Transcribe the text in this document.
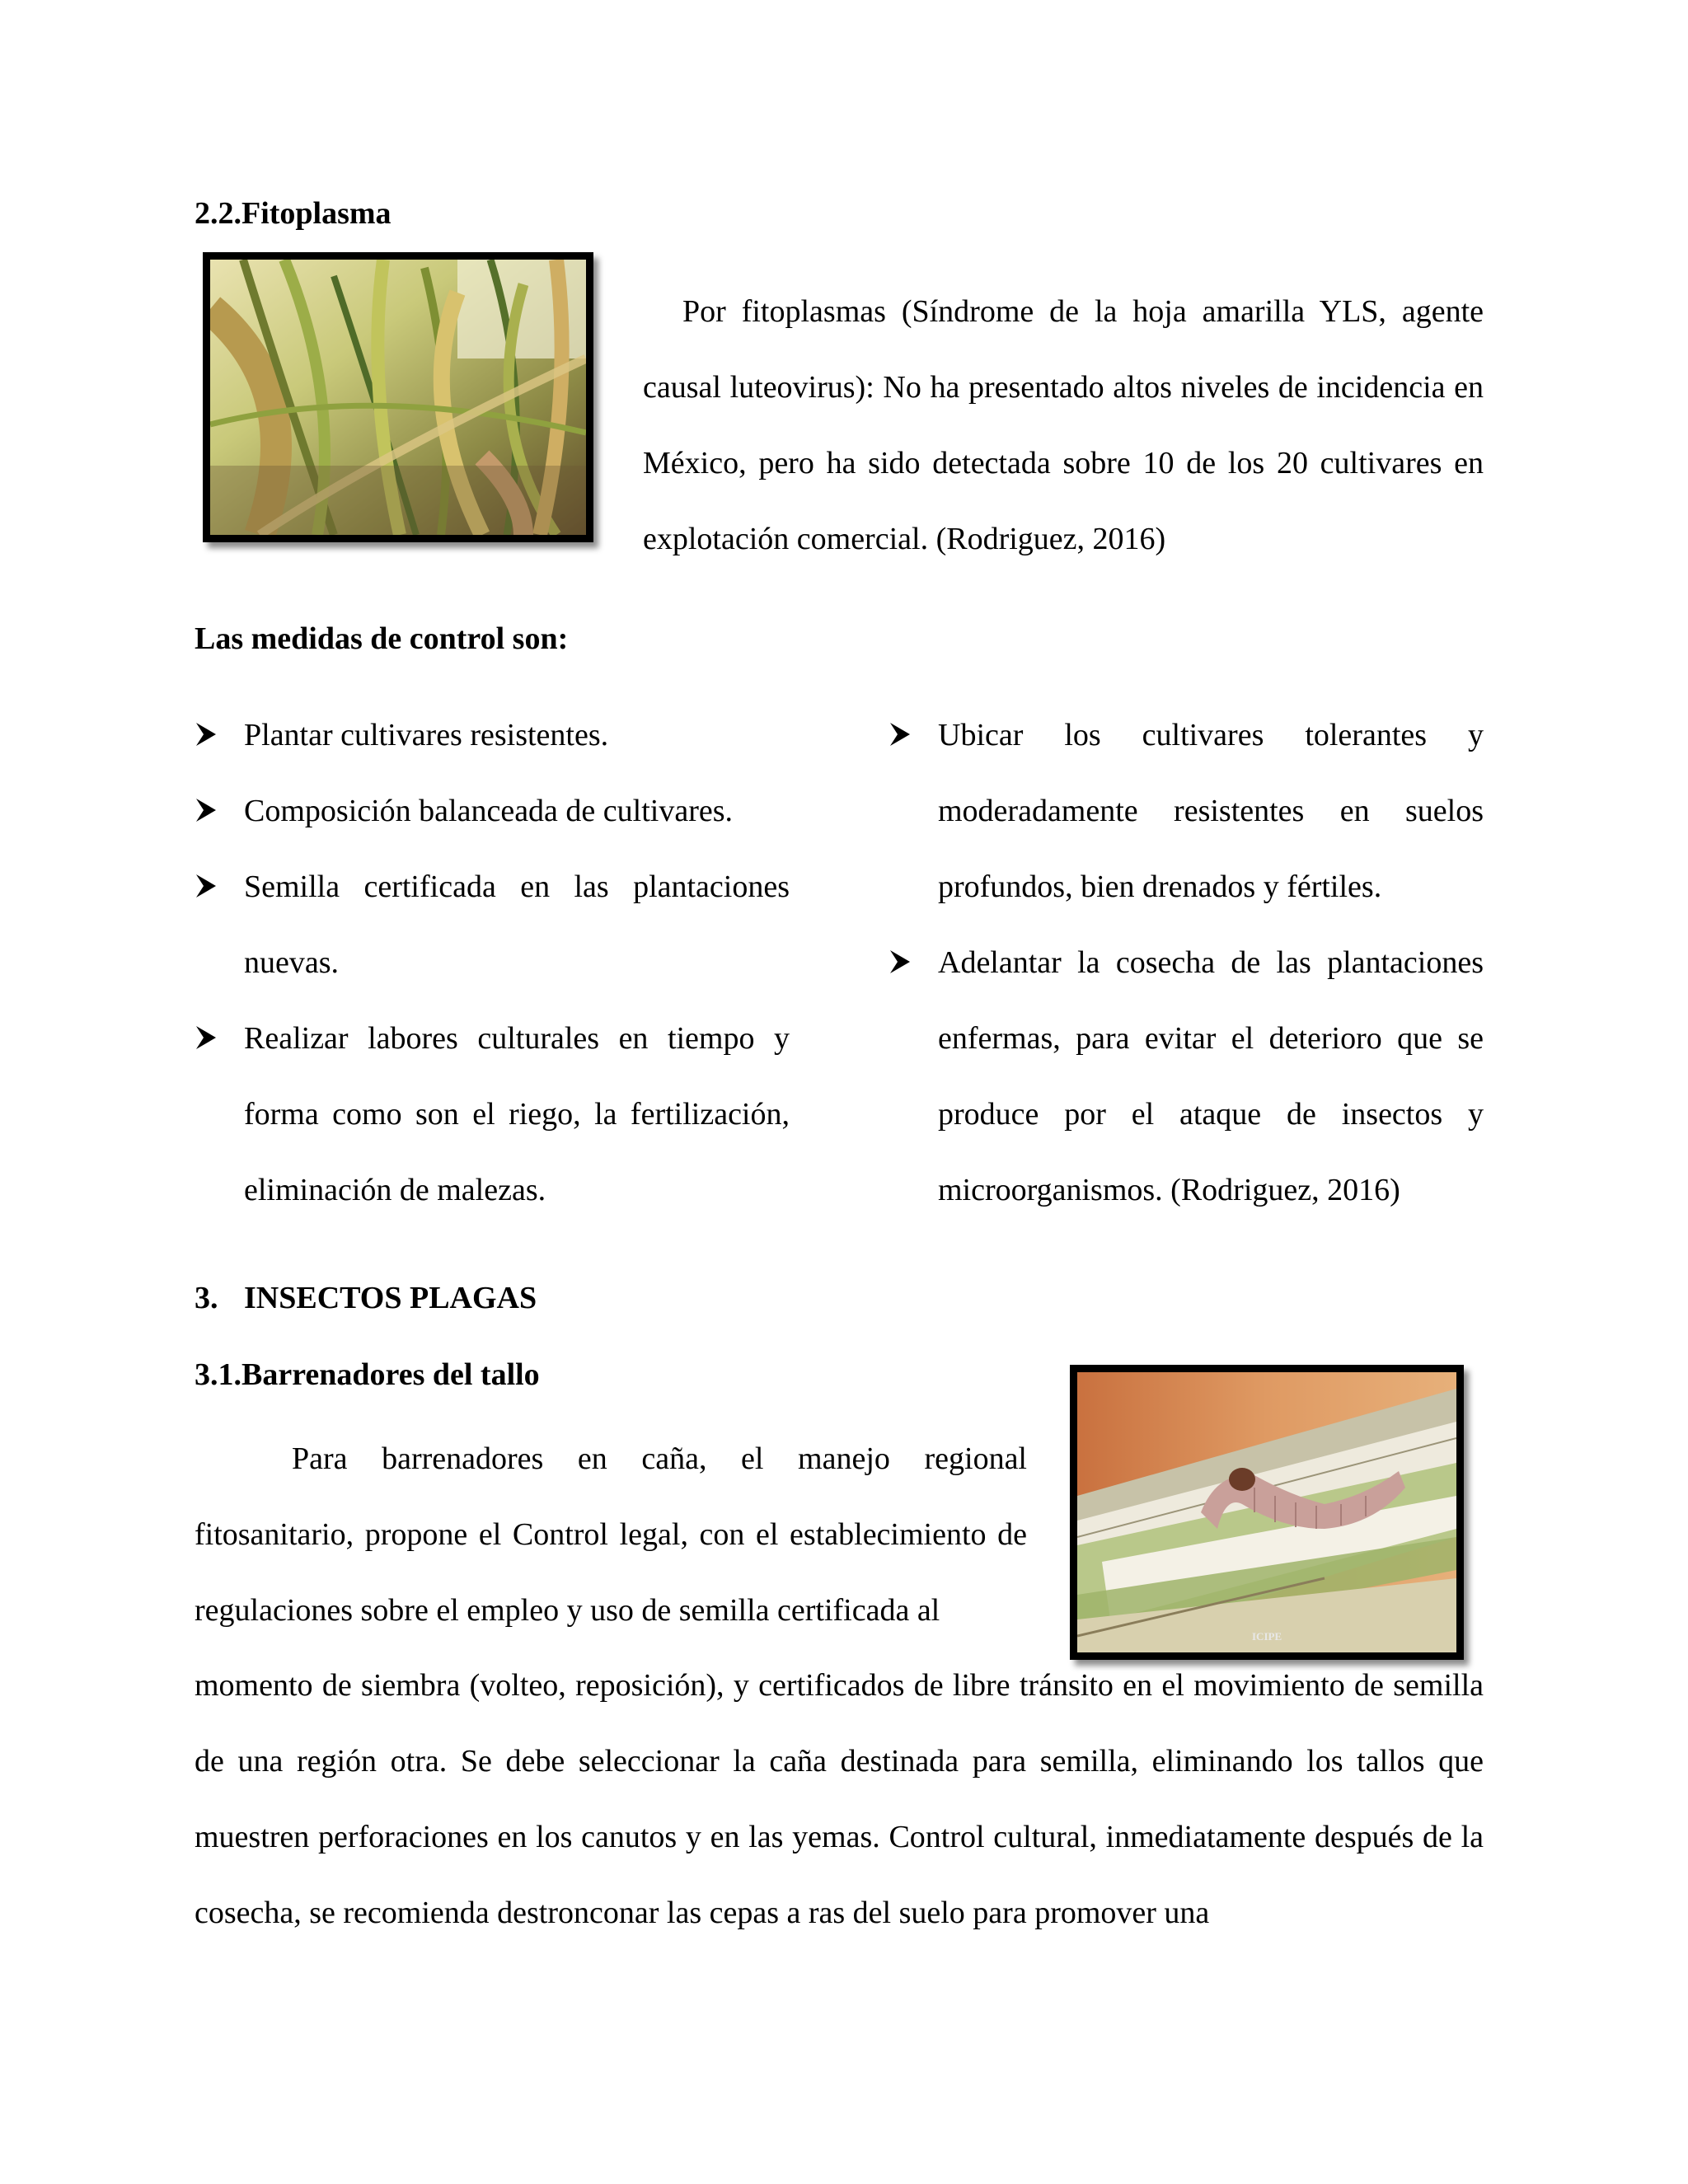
2.2.Fitoplasma
Por fitoplasmas (Síndrome de la hoja amarilla YLS, agente causal luteovirus): No ha presentado altos niveles de incidencia en México, pero ha sido detectada sobre 10 de los 20 cultivares en explotación comercial. (Rodriguez, 2016)
Las medidas de control son:
Plantar cultivares resistentes.
Composición balanceada de cultivares.
Semilla certificada en las plantaciones nuevas.
Realizar labores culturales en tiempo y forma como son el riego, la fertilización, eliminación de malezas.
Ubicar los cultivares tolerantes y moderadamente resistentes en suelos profundos, bien drenados y fértiles.
Adelantar la cosecha de las plantaciones enfermas, para evitar el deterioro que se produce por el ataque de insectos y microorganismos. (Rodriguez, 2016)
3. INSECTOS PLAGAS
3.1.Barrenadores del tallo
ICIPE
Para barrenadores en caña, el manejo regional fitosanitario, propone el Control legal, con el establecimiento de regulaciones sobre el empleo y uso de semilla certificada al
momento de siembra (volteo, reposición), y certificados de libre tránsito en el movimiento de semilla de una región otra. Se debe seleccionar la caña destinada para semilla, eliminando los tallos que muestren perforaciones en los canutos y en las yemas. Control cultural, inmediatamente después de la cosecha, se recomienda destronconar las cepas a ras del suelo para promover una
